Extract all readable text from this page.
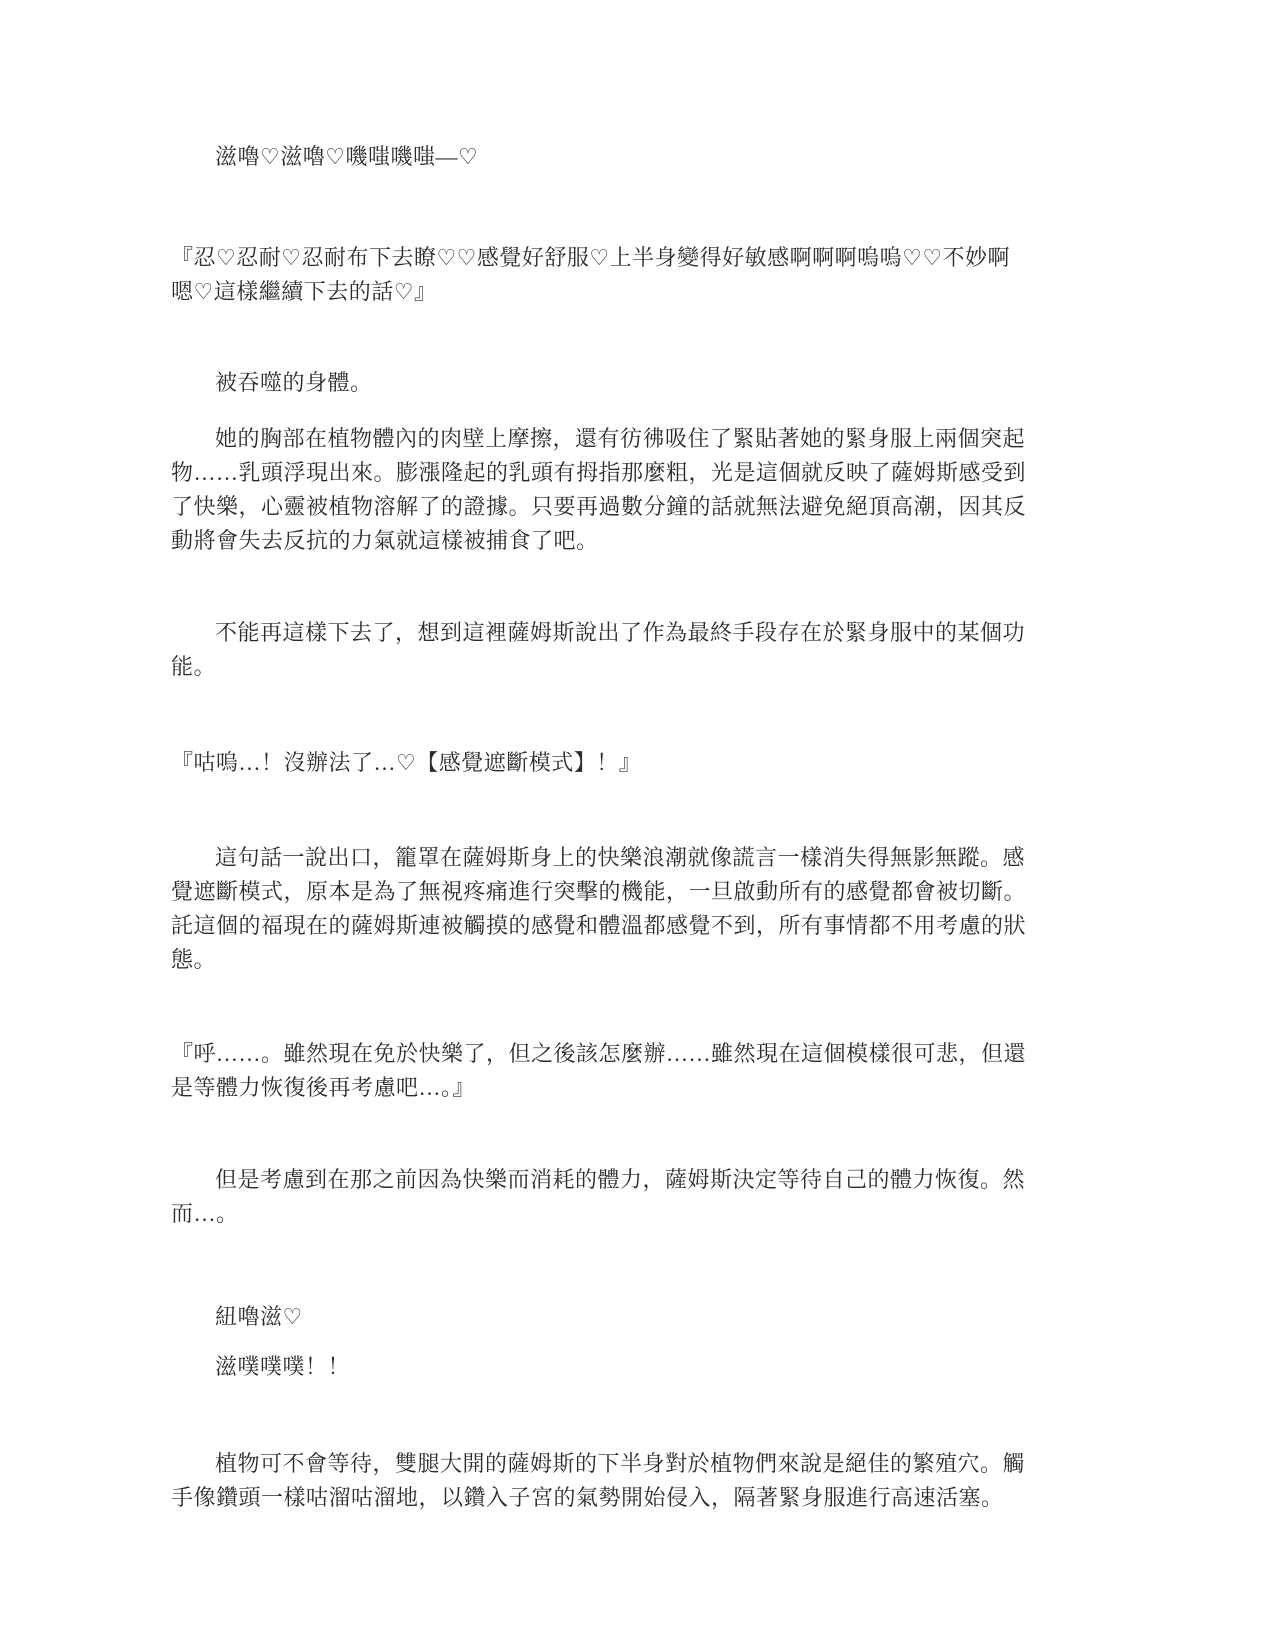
滋嚕♡滋嚕♡嘰嗤嘰嗤—♡

『忍♡忍耐♡忍耐布下去瞭♡♡感覺好舒服♡上半身變得好敏感啊啊啊嗚嗚♡♡不妙啊嗯♡這樣繼續下去的話♡』

被吞噬的身體。

她的胸部在植物體內的肉壁上摩擦，還有彷彿吸住了緊貼著她的緊身服上兩個突起物……乳頭浮現出來。膨漲隆起的乳頭有拇指那麼粗，光是這個就反映了薩姆斯感受到了快樂，心靈被植物溶解了的證據。只要再過數分鐘的話就無法避免絕頂高潮，因其反動將會失去反抗的力氣就這樣被捕食了吧。

不能再這樣下去了，想到這裡薩姆斯說出了作為最終手段存在於緊身服中的某個功能。

『咕嗚…！沒辦法了…♡【感覺遮斷模式】！』

這句話一說出口，籠罩在薩姆斯身上的快樂浪潮就像謊言一樣消失得無影無蹤。感覺遮斷模式，原本是為了無視疼痛進行突擊的機能，一旦啟動所有的感覺都會被切斷。託這個的福現在的薩姆斯連被觸摸的感覺和體溫都感覺不到，所有事情都不用考慮的狀態。

『呼……。雖然現在免於快樂了，但之後該怎麼辦……雖然現在這個模樣很可悲，但還是等體力恢復後再考慮吧…。』

但是考慮到在那之前因為快樂而消耗的體力，薩姆斯決定等待自己的體力恢復。然而…。

紐嚕滋♡

滋噗噗噗！！

植物可不會等待，雙腿大開的薩姆斯的下半身對於植物們來說是絕佳的繁殖穴。觸手像鑽頭一樣咕溜咕溜地，以鑽入子宮的氣勢開始侵入，隔著緊身服進行高速活塞。
